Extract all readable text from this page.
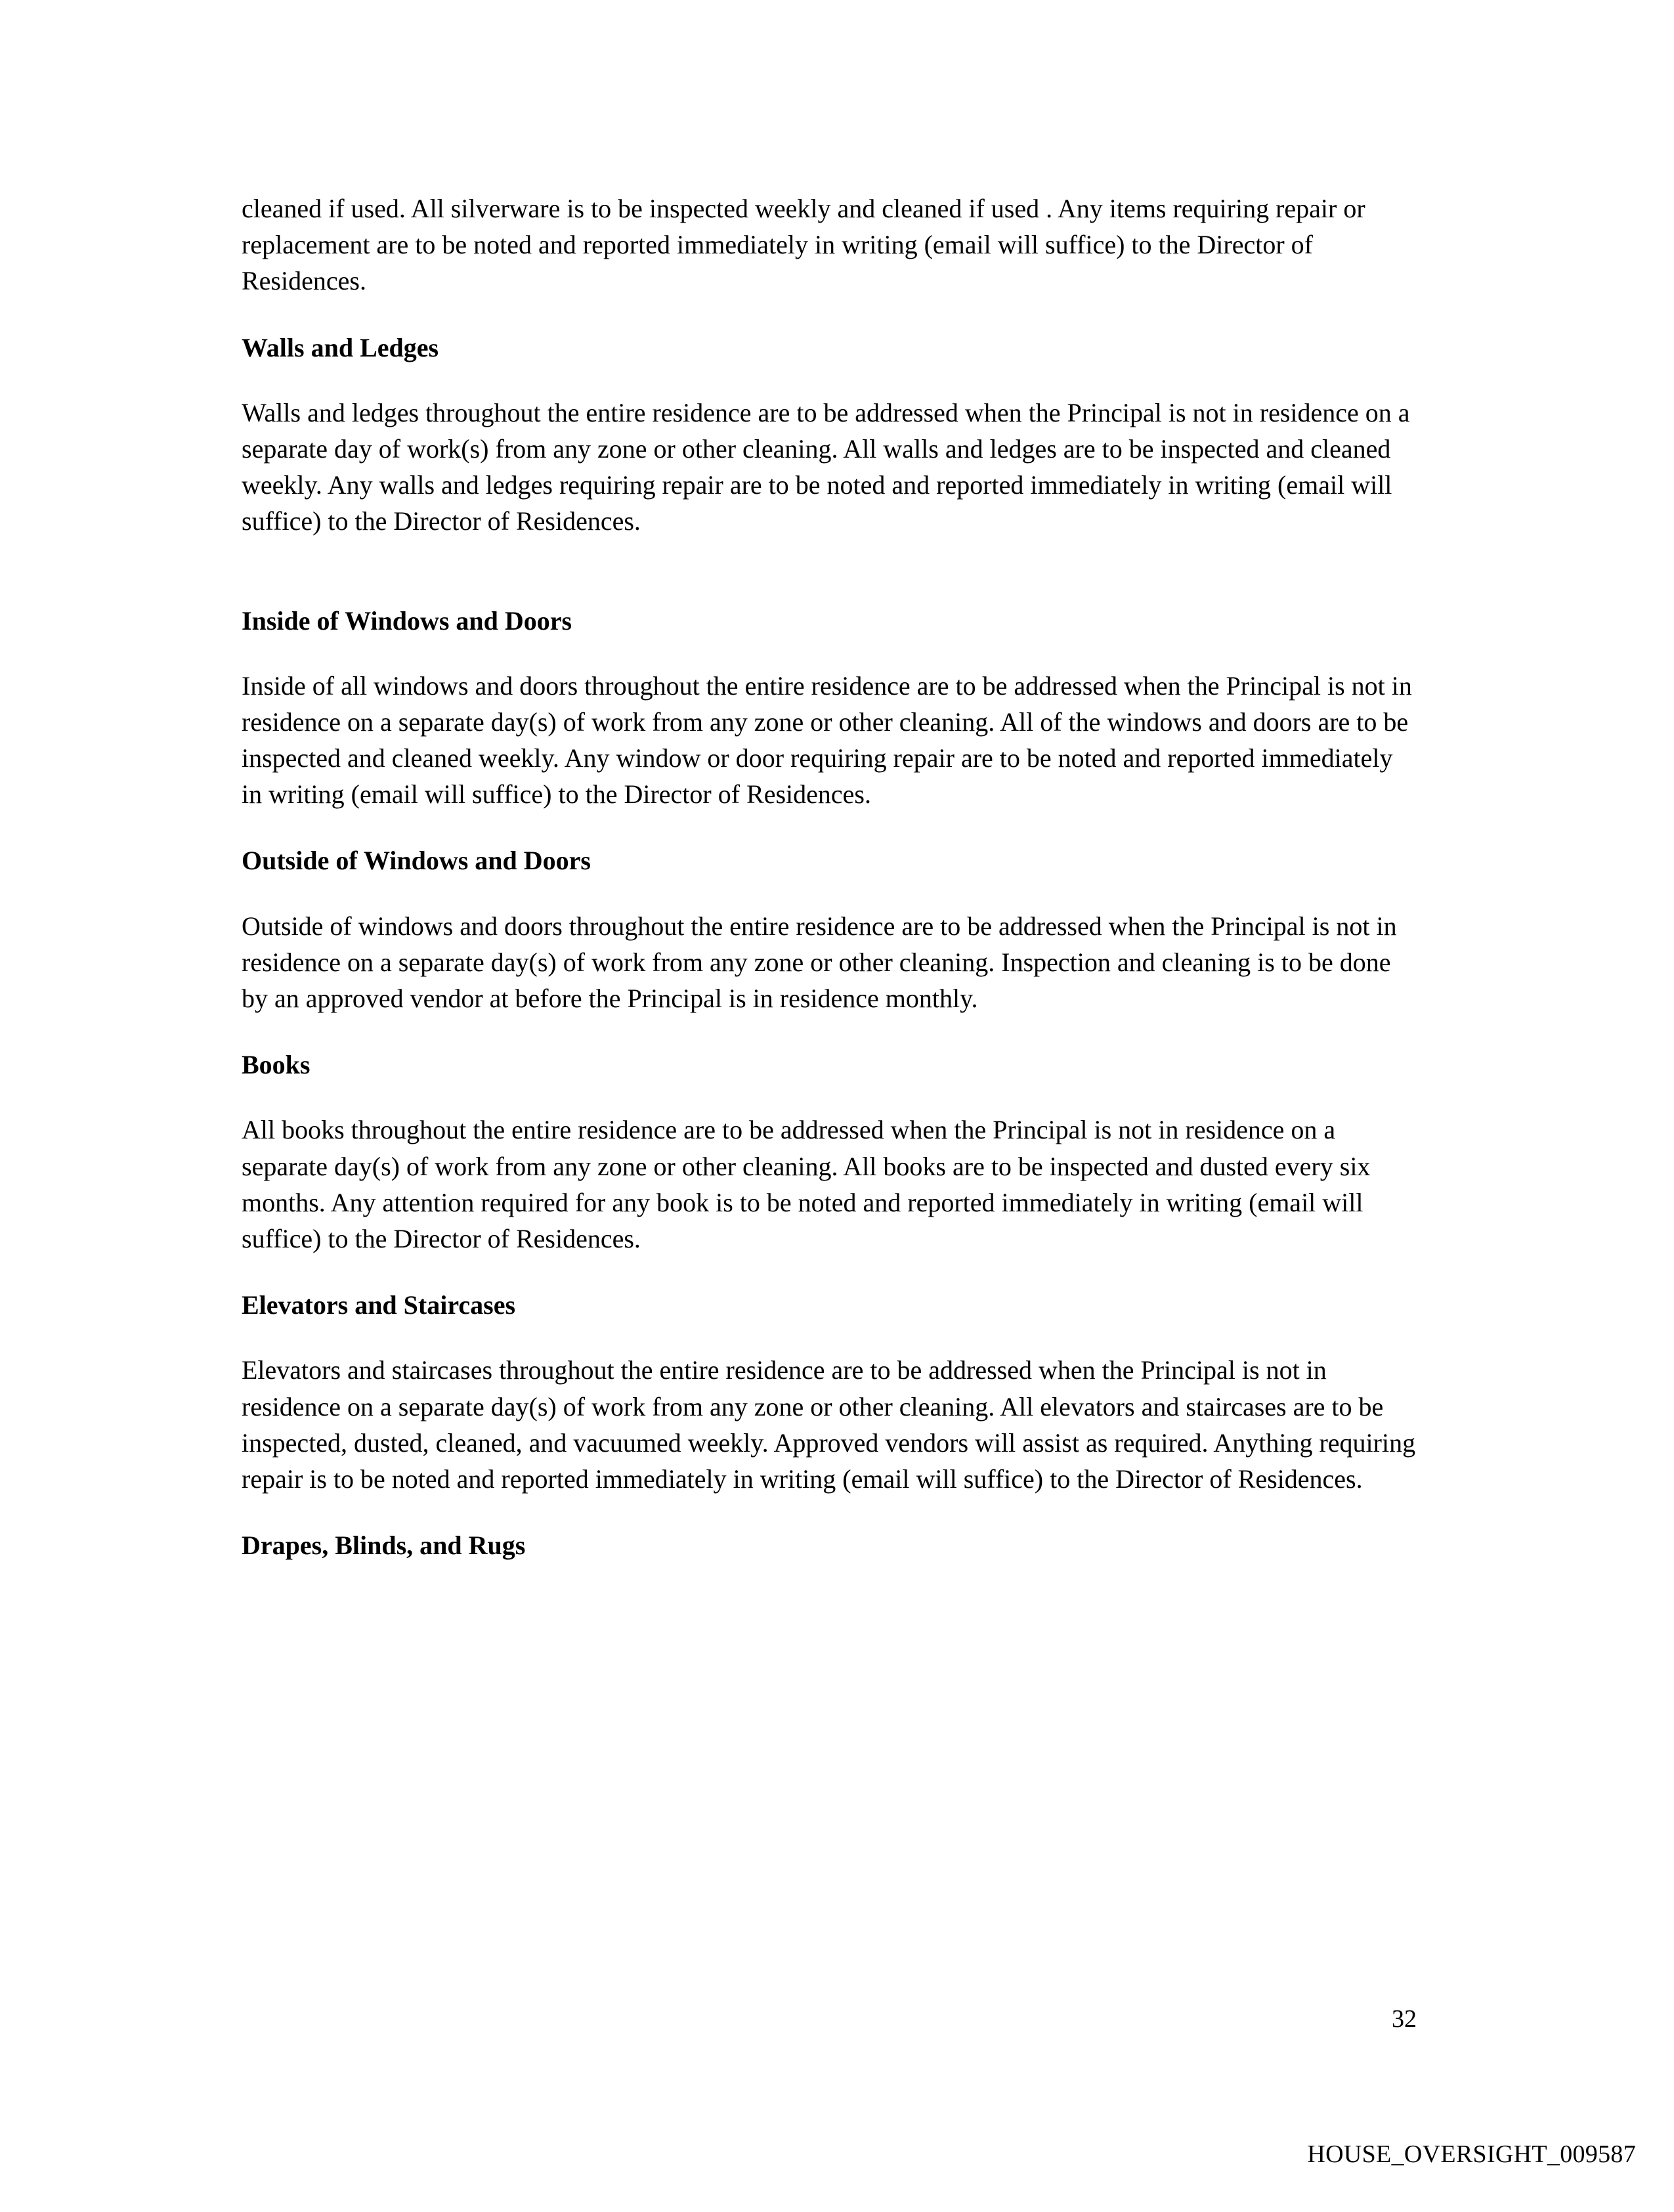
cleaned if used. All silverware is to be inspected weekly and cleaned if used . Any items requiring repair or replacement are to be noted and reported immediately in writing (email will suffice) to the Director of Residences.

Walls and Ledges

Walls and ledges throughout the entire residence are to be addressed when the Principal is not in residence on a separate day of work(s) from any zone or other cleaning. All walls and ledges are to be inspected and cleaned weekly. Any walls and ledges requiring repair are to be noted and reported immediately in writing (email will suffice) to the Director of Residences.

Inside of Windows and Doors

Inside of all windows and doors throughout the entire residence are to be addressed when the Principal is not in residence on a separate day(s) of work from any zone or other cleaning. All of the windows and doors are to be inspected and cleaned weekly. Any window or door requiring repair are to be noted and reported immediately in writing (email will suffice) to the Director of Residences.

Outside of Windows and Doors

Outside of windows and doors throughout the entire residence are to be addressed when the Principal is not in residence on a separate day(s) of work from any zone or other cleaning. Inspection and cleaning is to be done by an approved vendor at before the Principal is in residence monthly.

Books

All books throughout the entire residence are to be addressed when the Principal is not in residence on a separate day(s) of work from any zone or other cleaning. All books are to be inspected and dusted every six months. Any attention required for any book is to be noted and reported immediately in writing (email will suffice) to the Director of Residences.

Elevators and Staircases

Elevators and staircases throughout the entire residence are to be addressed when the Principal is not in residence on a separate day(s) of work from any zone or other cleaning. All elevators and staircases are to be inspected, dusted, cleaned, and vacuumed weekly. Approved vendors will assist as required. Anything requiring repair is to be noted and reported immediately in writing (email will suffice) to the Director of Residences.

Drapes, Blinds, and Rugs
32
HOUSE_OVERSIGHT_009587
